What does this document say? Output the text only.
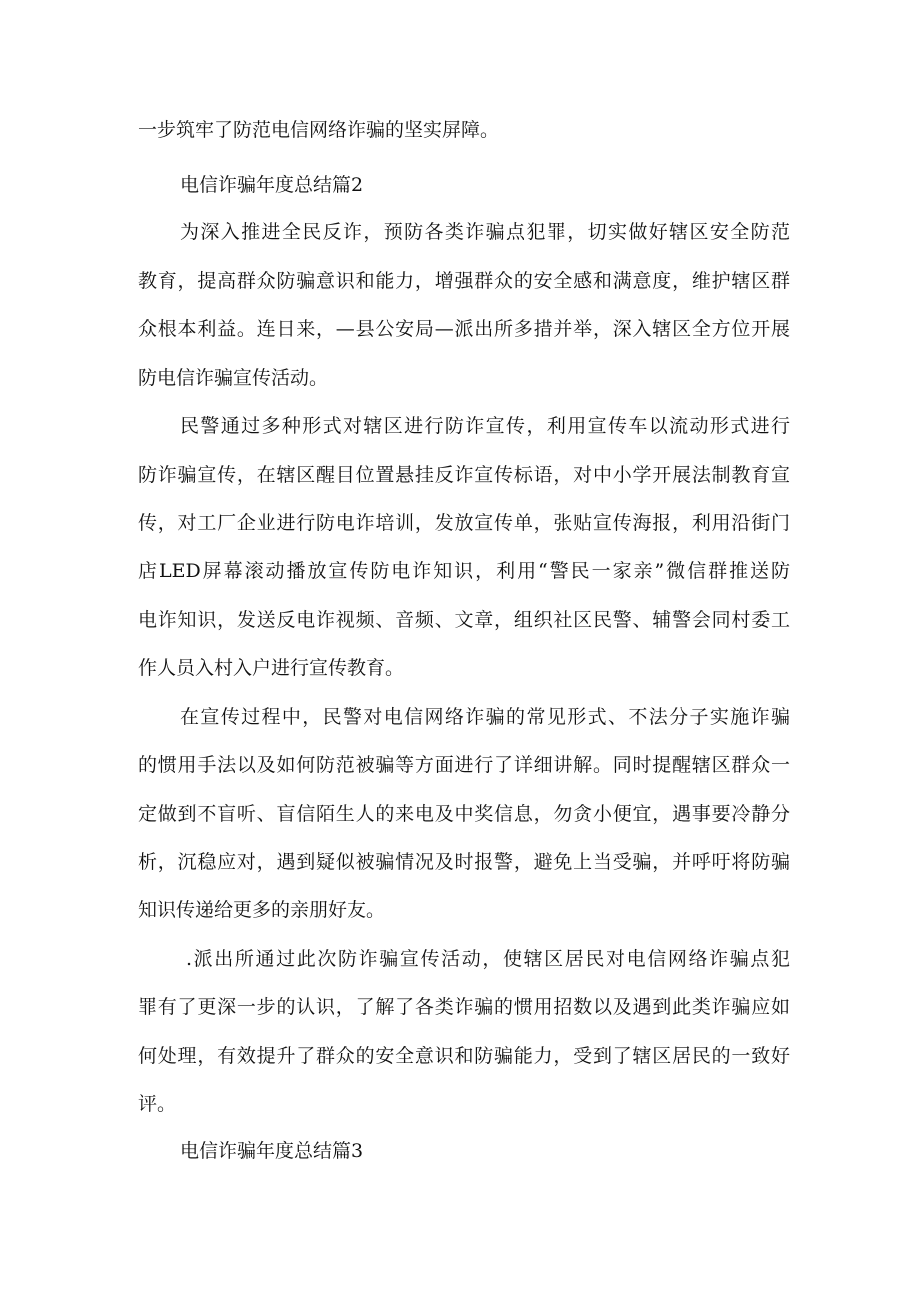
一步筑牢了防范电信网络诈骗的坚实屏障。

电信诈骗年度总结篇2

为深入推进全民反诈，预防各类诈骗点犯罪，切实做好辖区安全防范

教育，提高群众防骗意识和能力，增强群众的安全感和满意度，维护辖区群

众根本利益。连日来，—县公安局—派出所多措并举，深入辖区全方位开展

防电信诈骗宣传活动。

民警通过多种形式对辖区进行防诈宣传，利用宣传车以流动形式进行

防诈骗宣传，在辖区醒目位置悬挂反诈宣传标语，对中小学开展法制教育宣

传，对工厂企业进行防电诈培训，发放宣传单，张贴宣传海报，利用沿街门

店LED屏幕滚动播放宣传防电诈知识，利用“警民一家亲”微信群推送防

电诈知识，发送反电诈视频、音频、文章，组织社区民警、辅警会同村委工

作人员入村入户进行宣传教育。

在宣传过程中，民警对电信网络诈骗的常见形式、不法分子实施诈骗

的惯用手法以及如何防范被骗等方面进行了详细讲解。同时提醒辖区群众一

定做到不盲听、盲信陌生人的来电及中奖信息，勿贪小便宜，遇事要冷静分

析，沉稳应对，遇到疑似被骗情况及时报警，避免上当受骗，并呼吁将防骗

知识传递给更多的亲朋好友。

.派出所通过此次防诈骗宣传活动，使辖区居民对电信网络诈骗点犯

罪有了更深一步的认识，了解了各类诈骗的惯用招数以及遇到此类诈骗应如

何处理，有效提升了群众的安全意识和防骗能力，受到了辖区居民的一致好

评。

电信诈骗年度总结篇3
